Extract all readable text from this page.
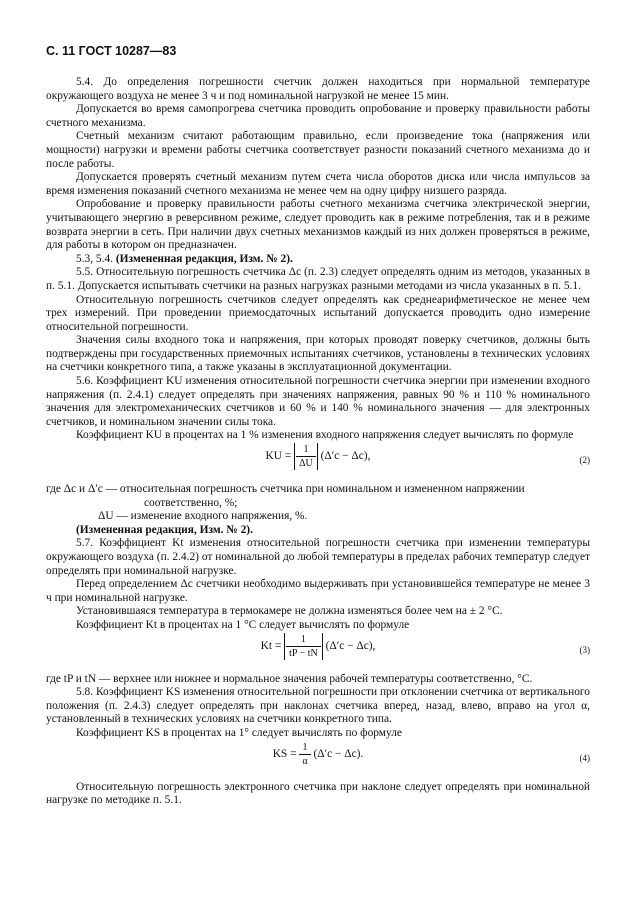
С. 11 ГОСТ 10287—83

5.4. До определения погрешности счетчик должен находиться при нормальной температуре окружающего воздуха не менее 3 ч и под номинальной нагрузкой не менее 15 мин.

Допускается во время самопрогрева счетчика проводить опробование и проверку правильности работы счетного механизма.

Счетный механизм считают работающим правильно, если произведение тока (напряжения или мощности) нагрузки и времени работы счетчика соответствует разности показаний счетного механизма до и после работы.

Допускается проверять счетный механизм путем счета числа оборотов диска или числа импульсов за время изменения показаний счетного механизма не менее чем на одну цифру низшего разряда.

Опробование и проверку правильности работы счетного механизма счетчика электрической энергии, учитывающего энергию в реверсивном режиме, следует проводить как в режиме потребления, так и в режиме возврата энергии в сеть. При наличии двух счетных механизмов каждый из них должен проверяться в режиме, для работы в котором он предназначен.

5.3, 5.4. (Измененная редакция, Изм. № 2).

5.5. Относительную погрешность счетчика Δc (п. 2.3) следует определять одним из методов, указанных в п. 5.1. Допускается испытывать счетчики на разных нагрузках разными методами из числа указанных в п. 5.1.

Относительную погрешность счетчиков следует определять как среднеарифметическое не менее чем трех измерений. При проведении приемосдаточных испытаний допускается проводить одно измерение относительной погрешности.

Значения силы входного тока и напряжения, при которых проводят поверку счетчиков, должны быть подтверждены при государственных приемочных испытаниях счетчиков, установлены в технических условиях на счетчики конкретного типа, а также указаны в эксплуатационной документации.

5.6. Коэффициент KU изменения относительной погрешности счетчика энергии при изменении входного напряжения (п. 2.4.1) следует определять при значениях напряжения, равных 90 % и 110 % номинального значения для электромеханических счетчиков и 60 % и 140 % номинального значения — для электронных счетчиков, и номинальном значении силы тока.

Коэффициент KU в процентах на 1 % изменения входного напряжения следует вычислять по формуле

KU = $\frac{1}{\Delta U} (\Delta'c - \Delta c)$,	(2)
где Δc и Δ′c — относительная погрешность счетчика при номинальном и измененном напряжении
соответственно, %;
ΔU — изменение входного напряжения, %.

(Измененная редакция, Изм. № 2).

5.7. Коэффициент Kt изменения относительной погрешности счетчика при изменении температуры окружающего воздуха (п. 2.4.2) от номинальной до любой температуры в пределах рабочих температур следует определять при номинальной нагрузке.

Перед определением Δc счетчики необходимо выдерживать при установившейся температуре не менее 3 ч при номинальной нагрузке.

Установившаяся температура в термокамере не должна изменяться более чем на ± 2 °С.

Коэффициент Kt в процентах на 1 °С следует вычислять по формуле

$Kt = \frac{1}{tP - tN} (\Delta'c - \Delta c)$,	(3)

где tP и tN — верхнее или нижнее и нормальное значения рабочей температуры соответственно, °С.

5.8. Коэффициент KS изменения относительной погрешности при отклонении счетчика от вертикального положения (п. 2.4.3) следует определять при наклонах счетчика вперед, назад, влево, вправо на угол α, установленный в технических условиях на счетчики конкретного типа.

Коэффициент KS в процентах на 1° следует вычислять по формуле

KS = $\frac{1}{\alpha} (\Delta'c - \Delta c)$.	(4)

Относительную погрешность электронного счетчика при наклоне следует определять при номинальной нагрузке по методике п. 5.1.
